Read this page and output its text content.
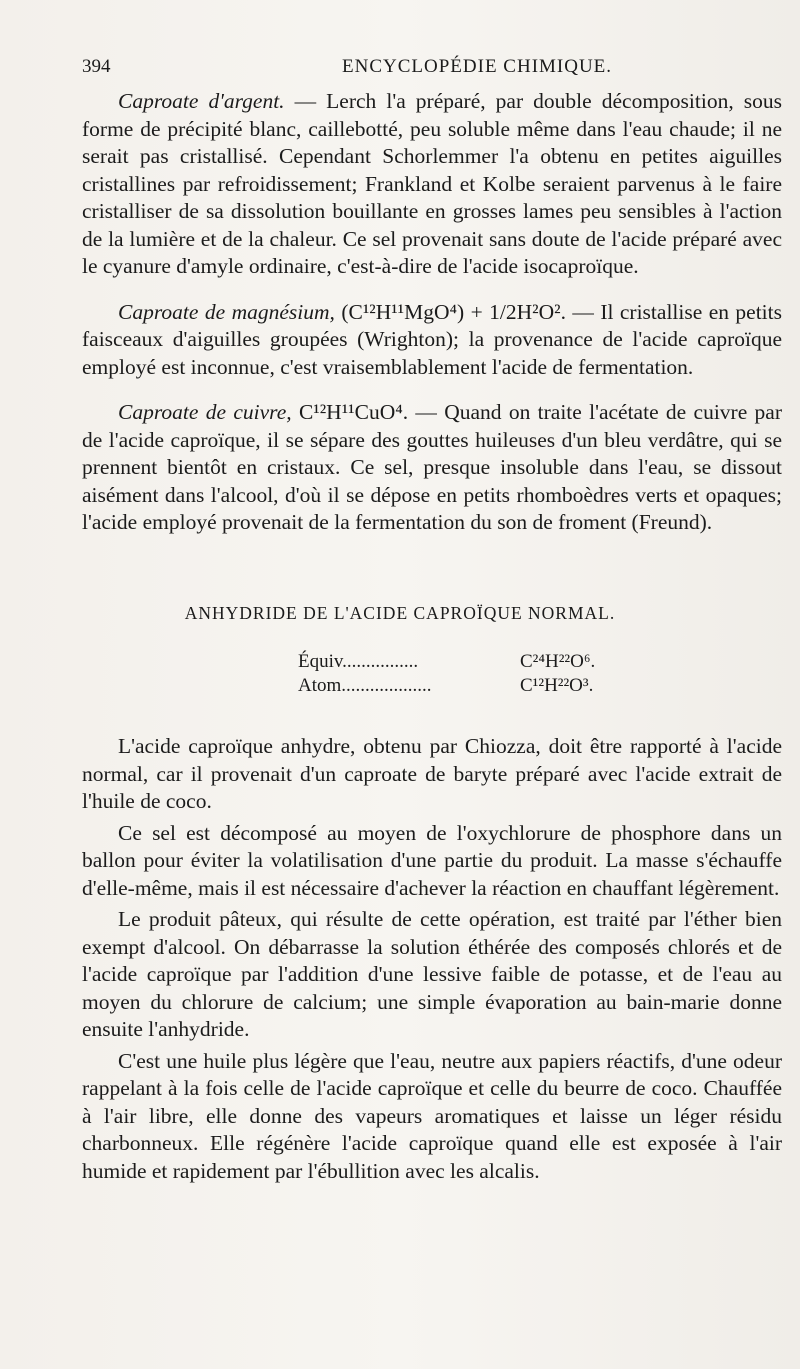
394	ENCYCLOPÉDIE CHIMIQUE.

Caproate d'argent. — Lerch l'a préparé, par double décomposition, sous forme de précipité blanc, caillebotté, peu soluble même dans l'eau chaude; il ne serait pas cristallisé. Cependant Schorlemmer l'a obtenu en petites aiguilles cristallines par refroidissement; Frankland et Kolbe seraient parvenus à le faire cristalliser de sa dissolution bouillante en grosses lames peu sensibles à l'action de la lumière et de la chaleur. Ce sel provenait sans doute de l'acide préparé avec le cyanure d'amyle ordinaire, c'est-à-dire de l'acide isocaproïque.

Caproate de magnésium, (C¹²H¹¹MgO⁴) + 1/2H²O². — Il cristallise en petits faisceaux d'aiguilles groupées (Wrighton); la provenance de l'acide caproïque employé est inconnue, c'est vraisemblablement l'acide de fermentation.

Caproate de cuivre, C¹²H¹¹CuO⁴. — Quand on traite l'acétate de cuivre par de l'acide caproïque, il se sépare des gouttes huileuses d'un bleu verdâtre, qui se prennent bientôt en cristaux. Ce sel, presque insoluble dans l'eau, se dissout aisément dans l'alcool, d'où il se dépose en petits rhomboèdres verts et opaques; l'acide employé provenait de la fermentation du son de froment (Freund).

ANHYDRIDE DE L'ACIDE CAPROÏQUE NORMAL.
Équiv................	C²⁴H²²O⁶.
Atom...................	C¹²H²²O³.

L'acide caproïque anhydre, obtenu par Chiozza, doit être rapporté à l'acide normal, car il provenait d'un caproate de baryte préparé avec l'acide extrait de l'huile de coco.

Ce sel est décomposé au moyen de l'oxychlorure de phosphore dans un ballon pour éviter la volatilisation d'une partie du produit. La masse s'échauffe d'elle-même, mais il est nécessaire d'achever la réaction en chauffant légèrement.

Le produit pâteux, qui résulte de cette opération, est traité par l'éther bien exempt d'alcool. On débarrasse la solution éthérée des composés chlorés et de l'acide caproïque par l'addition d'une lessive faible de potasse, et de l'eau au moyen du chlorure de calcium; une simple évaporation au bain-marie donne ensuite l'anhydride.

C'est une huile plus légère que l'eau, neutre aux papiers réactifs, d'une odeur rappelant à la fois celle de l'acide caproïque et celle du beurre de coco. Chauffée à l'air libre, elle donne des vapeurs aromatiques et laisse un léger résidu charbonneux. Elle régénère l'acide caproïque quand elle est exposée à l'air humide et rapidement par l'ébullition avec les alcalis.
